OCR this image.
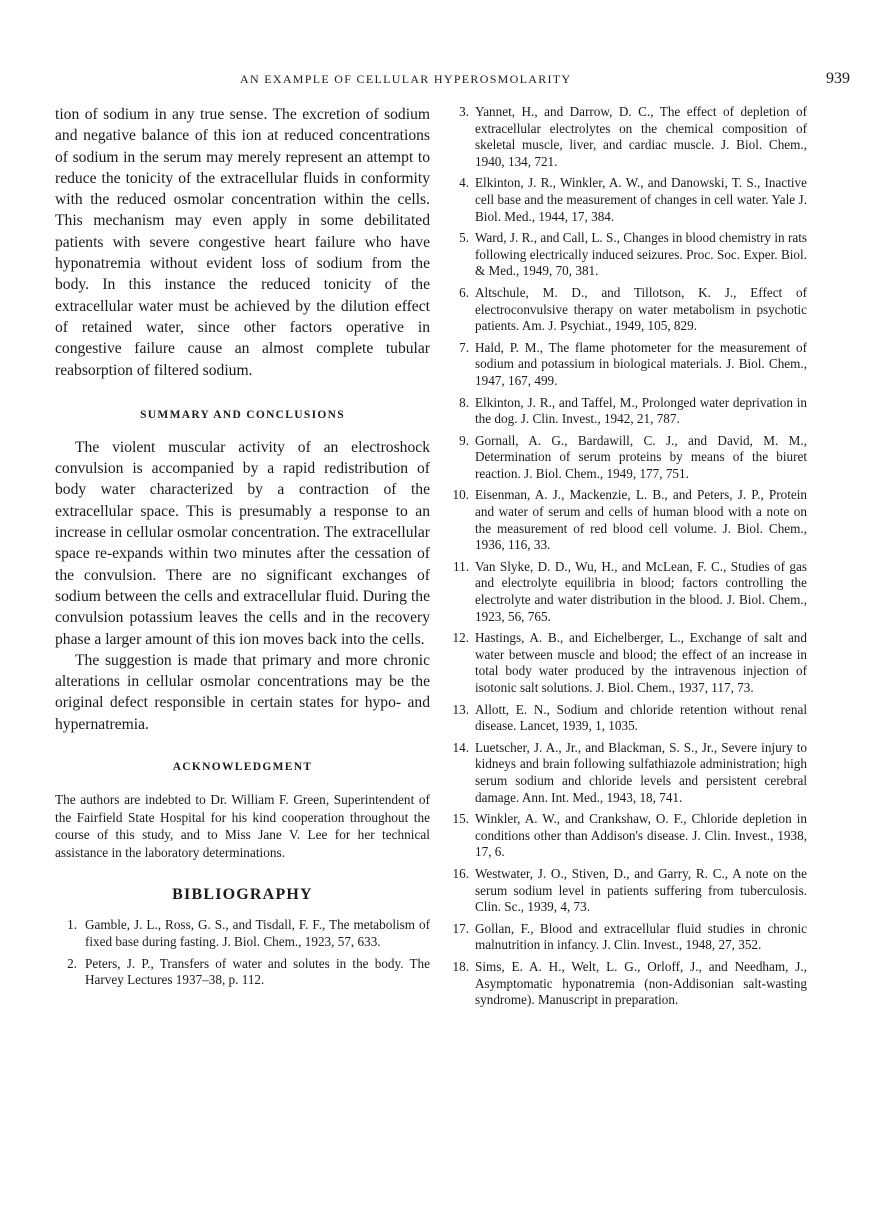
AN EXAMPLE OF CELLULAR HYPEROSMOLARITY	939

tion of sodium in any true sense. The excretion of sodium and negative balance of this ion at reduced concentrations of sodium in the serum may merely represent an attempt to reduce the tonicity of the extracellular fluids in conformity with the reduced osmolar concentration within the cells. This mechanism may even apply in some debilitated patients with severe congestive heart failure who have hyponatremia without evident loss of sodium from the body. In this instance the reduced tonicity of the extracellular water must be achieved by the dilution effect of retained water, since other factors operative in congestive failure cause an almost complete tubular reabsorption of filtered sodium.

SUMMARY AND CONCLUSIONS

The violent muscular activity of an electroshock convulsion is accompanied by a rapid redistribution of body water characterized by a contraction of the extracellular space. This is presumably a response to an increase in cellular osmolar concentration. The extracellular space re-expands within two minutes after the cessation of the convulsion. There are no significant exchanges of sodium between the cells and extracellular fluid. During the convulsion potassium leaves the cells and in the recovery phase a larger amount of this ion moves back into the cells.

The suggestion is made that primary and more chronic alterations in cellular osmolar concentrations may be the original defect responsible in certain states for hypo- and hypernatremia.

ACKNOWLEDGMENT

The authors are indebted to Dr. William F. Green, Superintendent of the Fairfield State Hospital for his kind cooperation throughout the course of this study, and to Miss Jane V. Lee for her technical assistance in the laboratory determinations.

BIBLIOGRAPHY
1. Gamble, J. L., Ross, G. S., and Tisdall, F. F., The metabolism of fixed base during fasting. J. Biol. Chem., 1923, 57, 633.
2. Peters, J. P., Transfers of water and solutes in the body. The Harvey Lectures 1937–38, p. 112.
3. Yannet, H., and Darrow, D. C., The effect of depletion of extracellular electrolytes on the chemical composition of skeletal muscle, liver, and cardiac muscle. J. Biol. Chem., 1940, 134, 721.
4. Elkinton, J. R., Winkler, A. W., and Danowski, T. S., Inactive cell base and the measurement of changes in cell water. Yale J. Biol. Med., 1944, 17, 384.
5. Ward, J. R., and Call, L. S., Changes in blood chemistry in rats following electrically induced seizures. Proc. Soc. Exper. Biol. & Med., 1949, 70, 381.
6. Altschule, M. D., and Tillotson, K. J., Effect of electroconvulsive therapy on water metabolism in psychotic patients. Am. J. Psychiat., 1949, 105, 829.
7. Hald, P. M., The flame photometer for the measurement of sodium and potassium in biological materials. J. Biol. Chem., 1947, 167, 499.
8. Elkinton, J. R., and Taffel, M., Prolonged water deprivation in the dog. J. Clin. Invest., 1942, 21, 787.
9. Gornall, A. G., Bardawill, C. J., and David, M. M., Determination of serum proteins by means of the biuret reaction. J. Biol. Chem., 1949, 177, 751.
10. Eisenman, A. J., Mackenzie, L. B., and Peters, J. P., Protein and water of serum and cells of human blood with a note on the measurement of red blood cell volume. J. Biol. Chem., 1936, 116, 33.
11. Van Slyke, D. D., Wu, H., and McLean, F. C., Studies of gas and electrolyte equilibria in blood; factors controlling the electrolyte and water distribution in the blood. J. Biol. Chem., 1923, 56, 765.
12. Hastings, A. B., and Eichelberger, L., Exchange of salt and water between muscle and blood; the effect of an increase in total body water produced by the intravenous injection of isotonic salt solutions. J. Biol. Chem., 1937, 117, 73.
13. Allott, E. N., Sodium and chloride retention without renal disease. Lancet, 1939, 1, 1035.
14. Luetscher, J. A., Jr., and Blackman, S. S., Jr., Severe injury to kidneys and brain following sulfathiazole administration; high serum sodium and chloride levels and persistent cerebral damage. Ann. Int. Med., 1943, 18, 741.
15. Winkler, A. W., and Crankshaw, O. F., Chloride depletion in conditions other than Addison's disease. J. Clin. Invest., 1938, 17, 6.
16. Westwater, J. O., Stiven, D., and Garry, R. C., A note on the serum sodium level in patients suffering from tuberculosis. Clin. Sc., 1939, 4, 73.
17. Gollan, F., Blood and extracellular fluid studies in chronic malnutrition in infancy. J. Clin. Invest., 1948, 27, 352.
18. Sims, E. A. H., Welt, L. G., Orloff, J., and Needham, J., Asymptomatic hyponatremia (non-Addisonian salt-wasting syndrome). Manuscript in preparation.
